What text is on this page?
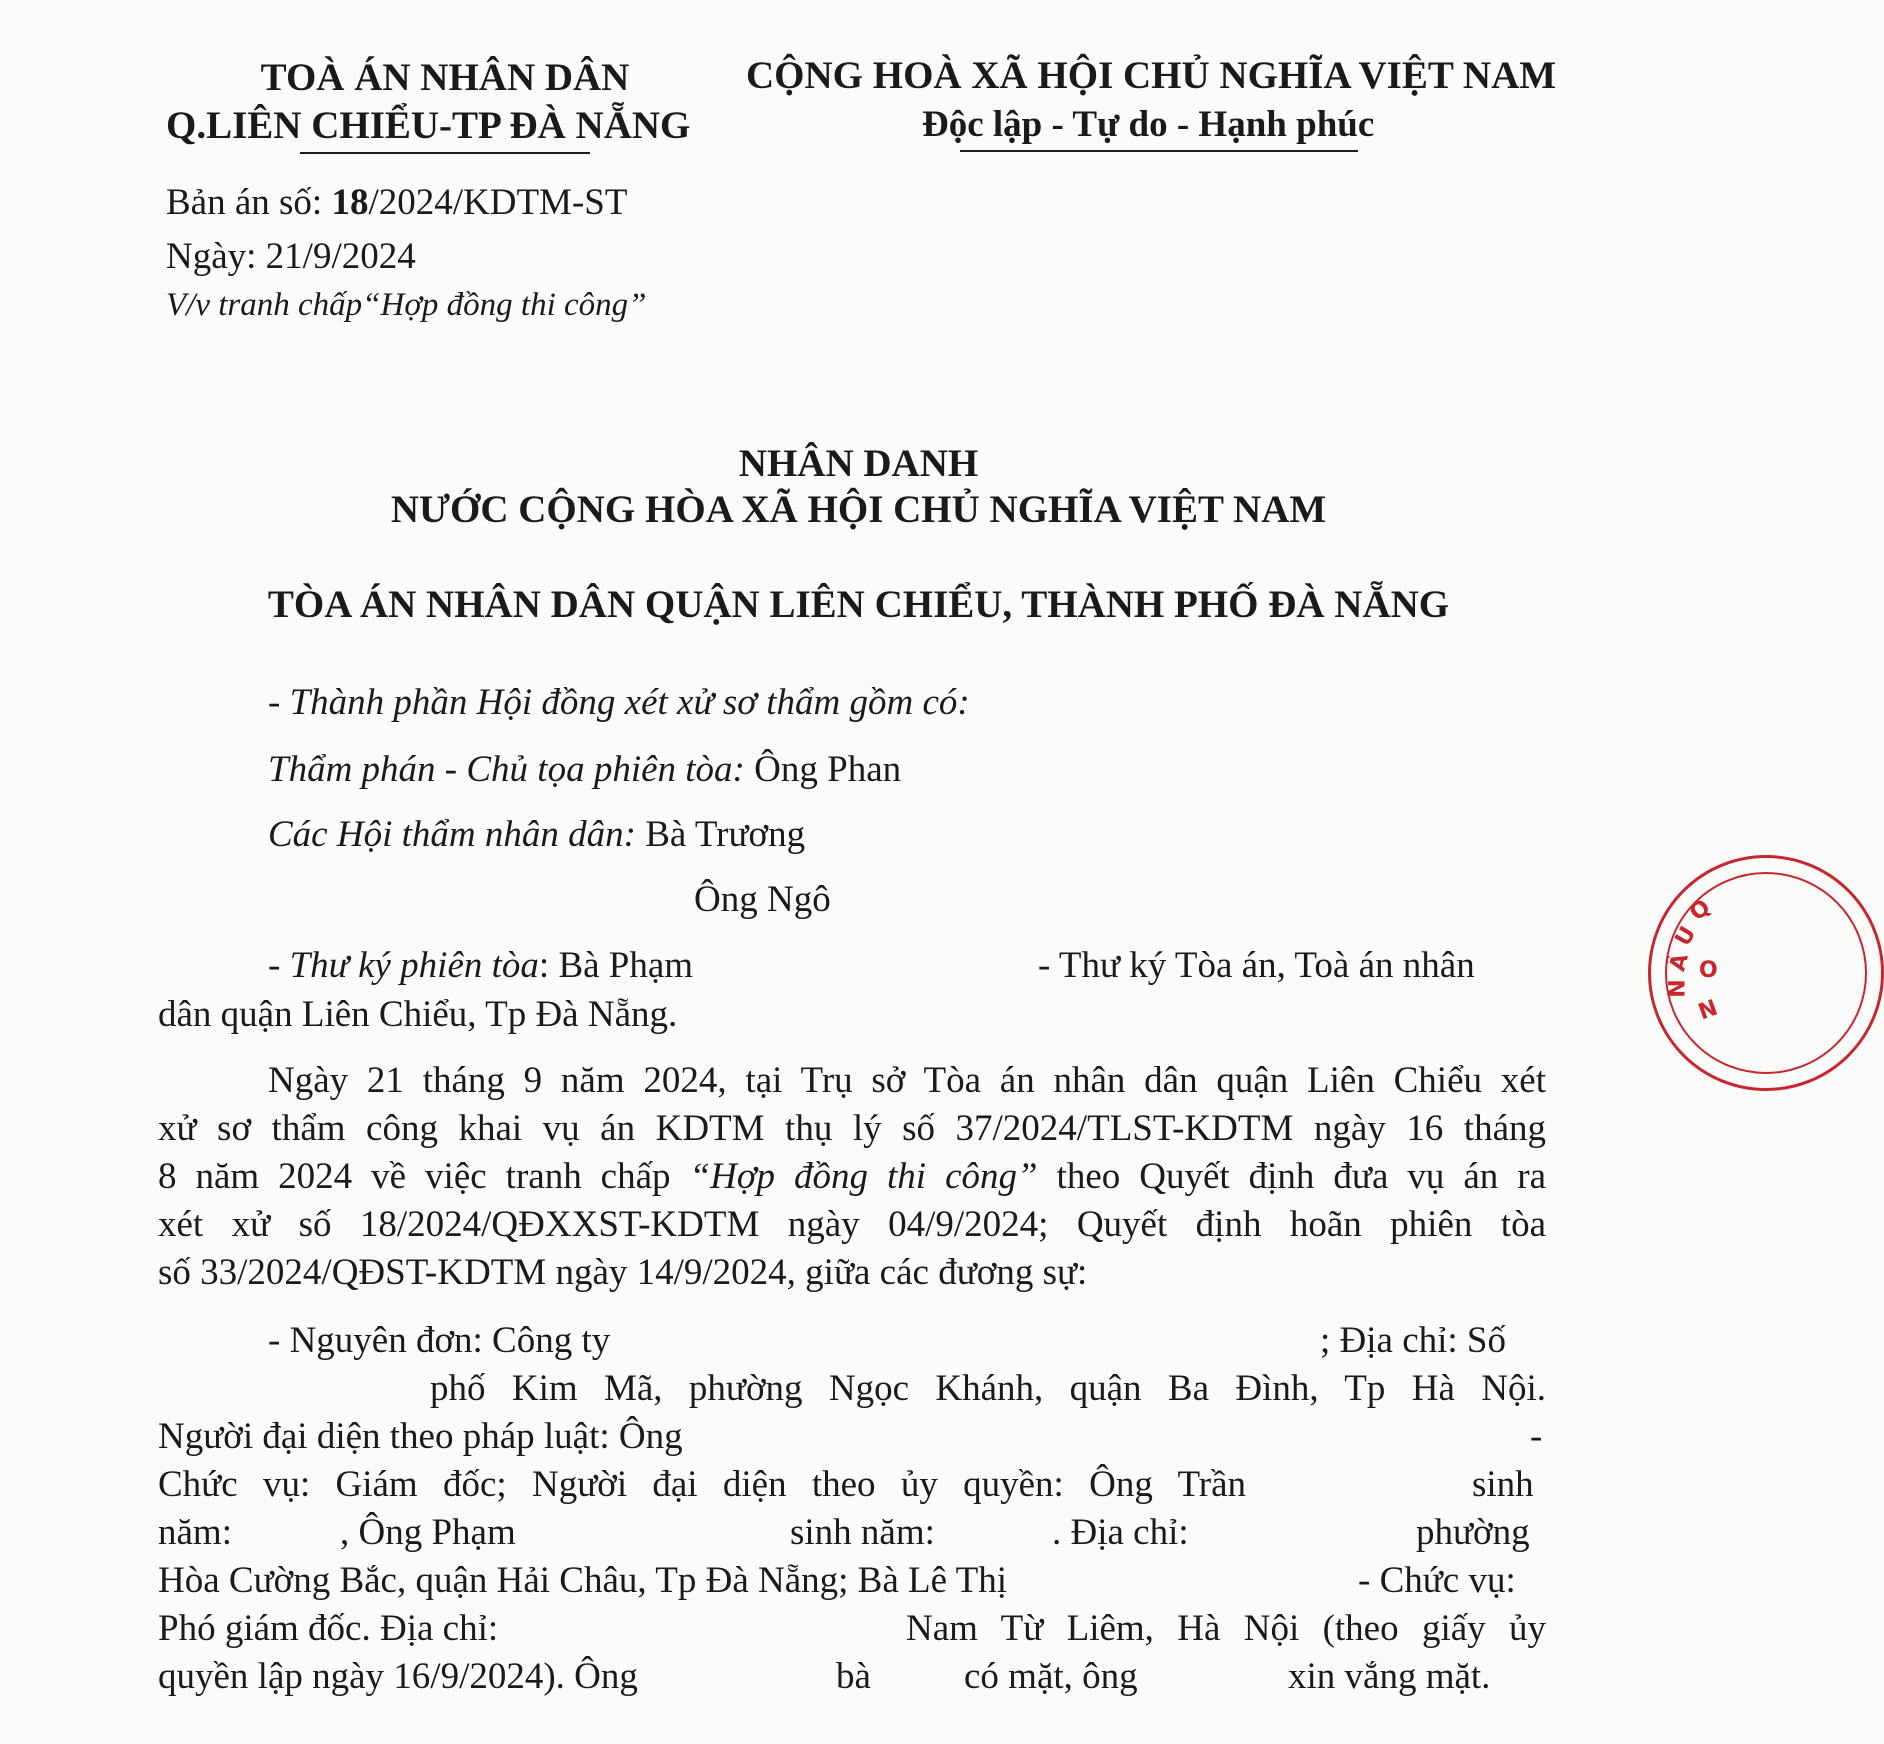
TOÀ ÁN NHÂN DÂN
Q.LIÊN CHIỂU-TP ĐÀ NẴNG
CỘNG HOÀ XÃ HỘI CHỦ NGHĨA VIỆT NAM
Độc lập - Tự do - Hạnh phúc
Bản án số: 18/2024/KDTM-ST
Ngày: 21/9/2024
V/v tranh chấp“Hợp đồng thi công”
NHÂN DANH
NƯỚC CỘNG HÒA XÃ HỘI CHỦ NGHĨA VIỆT NAM
TÒA ÁN NHÂN DÂN QUẬN LIÊN CHIỂU, THÀNH PHỐ ĐÀ NẴNG
- Thành phần Hội đồng xét xử sơ thẩm gồm có:
Thẩm phán - Chủ tọa phiên tòa: Ông Phan
Các Hội thẩm nhân dân: Bà Trương
Ông Ngô
- Thư ký phiên tòa: Bà Phạm	- Thư ký Tòa án, Toà án nhân
dân quận Liên Chiểu, Tp Đà Nẵng.
Ngày 21 tháng 9 năm 2024, tại Trụ sở Tòa án nhân dân quận Liên Chiểu xét
xử sơ thẩm công khai vụ án KDTM thụ lý số 37/2024/TLST-KDTM ngày 16 tháng
8 năm 2024 về việc tranh chấp “Hợp đồng thi công” theo Quyết định đưa vụ án ra
xét xử số 18/2024/QĐXXST-KDTM ngày 04/9/2024; Quyết định hoãn phiên tòa
số 33/2024/QĐST-KDTM ngày 14/9/2024, giữa các đương sự:
- Nguyên đơn: Công ty	; Địa chỉ: Số
phố Kim Mã, phường Ngọc Khánh, quận Ba Đình, Tp Hà Nội.
Người đại diện theo pháp luật: Ông	-
Chức vụ: Giám đốc; Người đại diện theo ủy quyền: Ông Trần	sinh
năm:	, Ông Phạm	sinh năm:	. Địa chỉ:	phường
Hòa Cường Bắc, quận Hải Châu, Tp Đà Nẵng; Bà Lê Thị	- Chức vụ:
Phó giám đốc. Địa chỉ:	Nam Từ Liêm, Hà Nội (theo giấy ủy
quyền lập ngày 16/9/2024). Ông	bà	có mặt, ông	xin vắng mặt.
Q
U
Â
N
O
N
